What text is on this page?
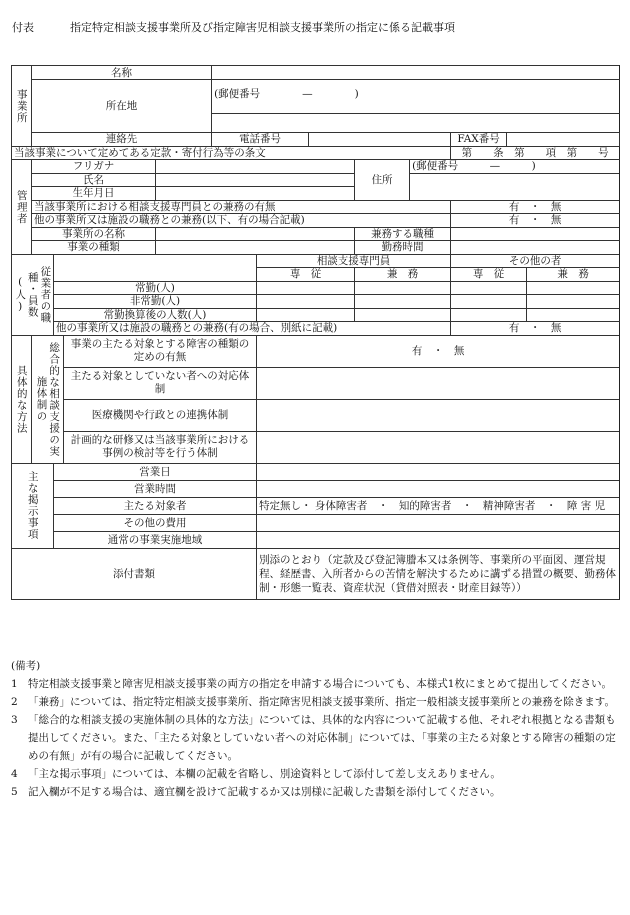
付表	指定特定相談支援事業所及び指定障害児相談支援事業所の指定に係る記載事項
事業所	名称											
	所在地				(郵便番号　　　　—　　　　)							

	連絡先				電話番号					FAX番号		
当該事業について定めてある定款・寄付行為等の条文										第　　条　第　　項　第　　号		
管理者	フリガナ							住所	(郵便番号　　　—　　　)			
	氏名											
	生年月日											
	当該事業所における相談支援専門員との兼務の有無									有　・　無		
	他の事業所又は施設の職務との兼務(以下、有の場合記載)									有　・　無		
	事業所の名称							兼務する職種				
	事業の種類							勤務時間				
従業者の職種・員数(人)						相談支援専門員				その他の者		
						専　従		兼　務		専　従		兼　務
		常勤(人)										
		非常勤(人)										
		常勤換算後の人数(人)										
		他の事業所又は施設の職務との兼務(有の場合、別紙に記載)								有　・　無		
具体的な方法	総合的な相談支援の実施体制の		事業の主たる対象とする障害の種類の定めの有無			有　・　無						
			主たる対象としていない者への対応体制									
			医療機関や行政との連携体制									
			計画的な研修又は当該事業所における事例の検討等を行う体制									
主な掲示事項		営業日										
		営業時間										
		主たる対象者				特定無し・ 身体障害者　・　知的障害者　・　精神障害者　・　障 害 児						
		その他の費用										
		通常の事業実施地域										
添付書類						別添のとおり（定款及び登記簿謄本又は条例等、事業所の平面図、運営規程、経歴書、入所者からの苦情を解決するために講ずる措置の概要、勤務体制・形態一覧表、資産状況（貸借対照表・財産目録等））						
(備考)
1 特定相談支援事業と障害児相談支援事業の両方の指定を申請する場合についても、本様式1枚にまとめて提出してください。
2 「兼務」については、指定特定相談支援事業所、指定障害児相談支援事業所、指定一般相談支援事業所との兼務を除きます。
3 「総合的な相談支援の実施体制の具体的な方法」については、具体的な内容について記載する他、それぞれ根拠となる書類も提出してください。また、「主たる対象としていない者への対応体制」については、「事業の主たる対象とする障害の種類の定めの有無」が有の場合に記載してください。
4 「主な掲示事項」については、本欄の記載を省略し、別途資料として添付して差し支えありません。
5 記入欄が不足する場合は、適宜欄を設けて記載するか又は別様に記載した書類を添付してください。
